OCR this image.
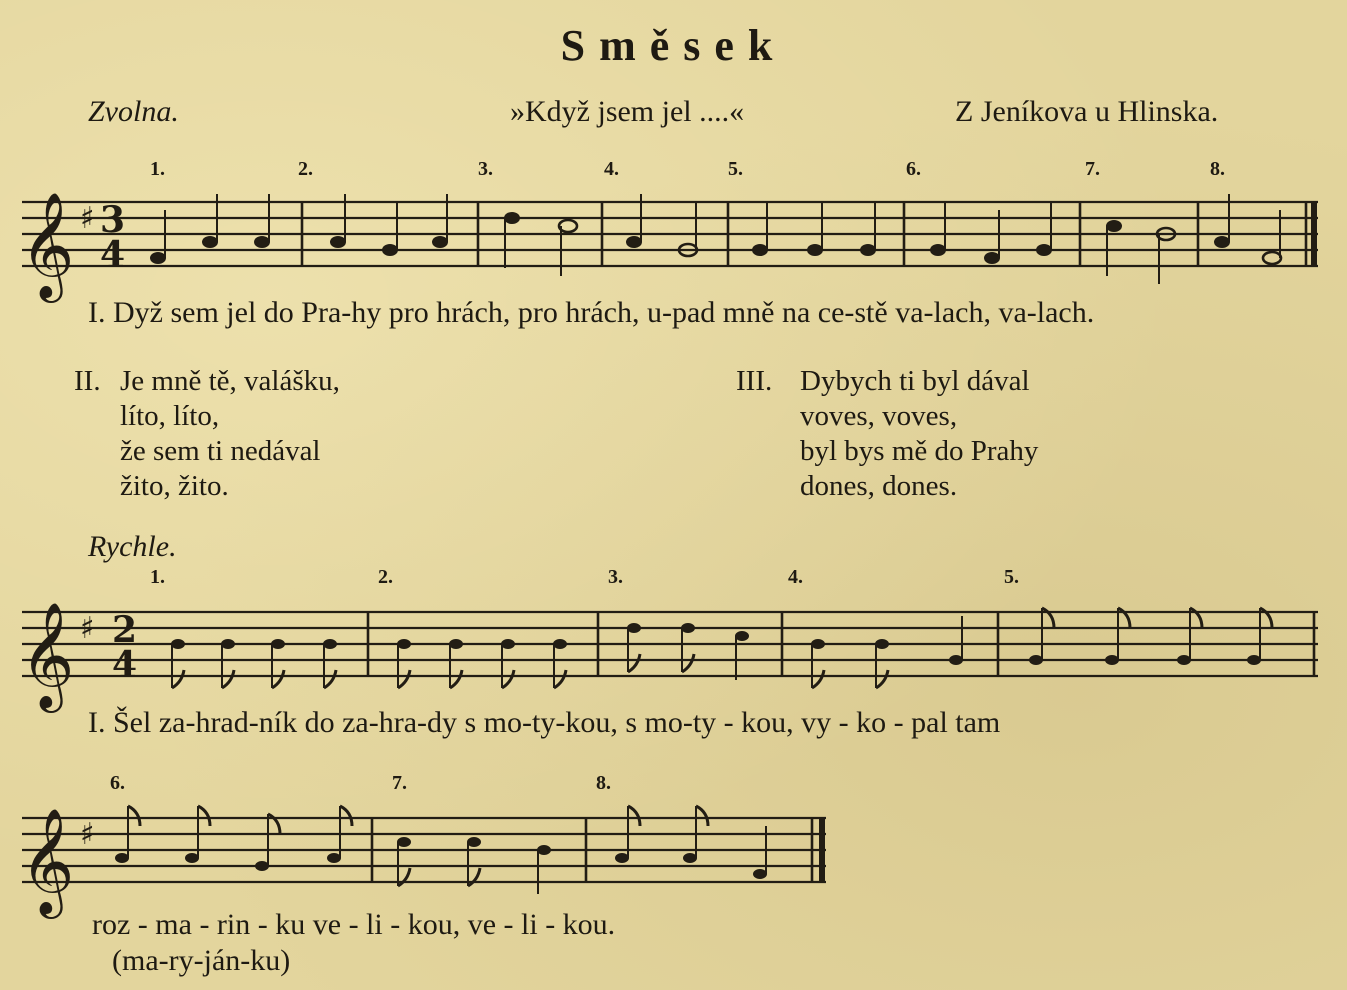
Směsek
Zvolna.	»Když jsem jel ....«	Z Jeníkova u Hlinska.
1.	2.	3.	4.	5.	6.	7.	8.
𝄞 ♯ 3
4
I. Dyž sem jel do Pra-hy pro hrách, pro hrách, u-pad mně na ce-stě va-lach, va-lach.
II. Je mně tě, valášku,
líto, líto,
že sem ti nedával
žito, žito.
III. Dybych ti byl dával
voves, voves,
byl bys mě do Prahy
dones, dones.
Rychle.
1.	2.	3.	4.	5.
𝄞 ♯ 2
4
I. Šel za-hrad-ník do za-hra-dy s mo-ty-kou, s mo-ty - kou, vy - ko - pal tam
6.	7.	8.
𝄞 ♯
roz - ma - rin - ku ve - li - kou, ve - li - kou.
(ma-ry-ján-ku)
